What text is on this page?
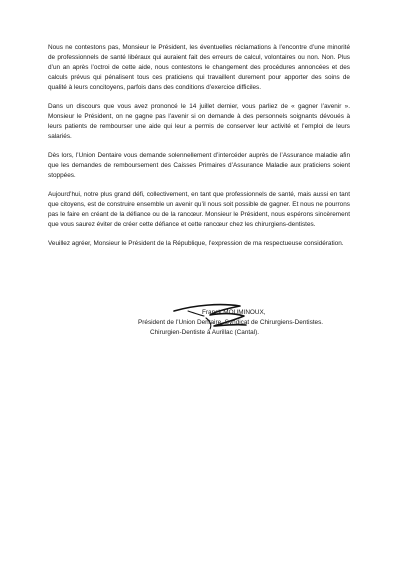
Nous ne contestons pas, Monsieur le Président, les éventuelles réclamations à l’encontre d’une minorité de professionnels de santé libéraux qui auraient fait des erreurs de calcul, volontaires ou non. Non. Plus d’un an après l’octroi de cette aide, nous contestons le changement des procédures annoncées et des calculs prévus qui pénalisent tous ces praticiens qui travaillent durement pour apporter des soins de qualité à leurs concitoyens, parfois dans des conditions d’exercice difficiles.

Dans un discours que vous avez prononcé le 14 juillet dernier, vous parliez de « gagner l’avenir ». Monsieur le Président, on ne gagne pas l’avenir si on demande à des personnels soignants dévoués à leurs patients de rembourser une aide qui leur a permis de conserver leur activité et l’emploi de leurs salariés.

Dès lors, l’Union Dentaire vous demande solennellement d’intercéder auprès de l’Assurance maladie afin que les demandes de remboursement des Caisses Primaires d’Assurance Maladie aux praticiens soient stoppées.

Aujourd’hui, notre plus grand défi, collectivement, en tant que professionnels de santé, mais aussi en tant que citoyens, est de construire ensemble un avenir qu’il nous soit possible de gagner. Et nous ne pourrons pas le faire en créant de la défiance ou de la rancœur. Monsieur le Président, nous espérons sincèrement que vous saurez éviter de créer cette défiance et cette rancœur chez les chirurgiens-dentistes.

Veuillez agréer, Monsieur le Président de la République, l’expression de ma respectueuse considération.

Franck MOUMINOUX,
Président de l’Union Dentaire, Syndicat de Chirurgiens-Dentistes.
Chirurgien-Dentiste à Aurillac (Cantal).
